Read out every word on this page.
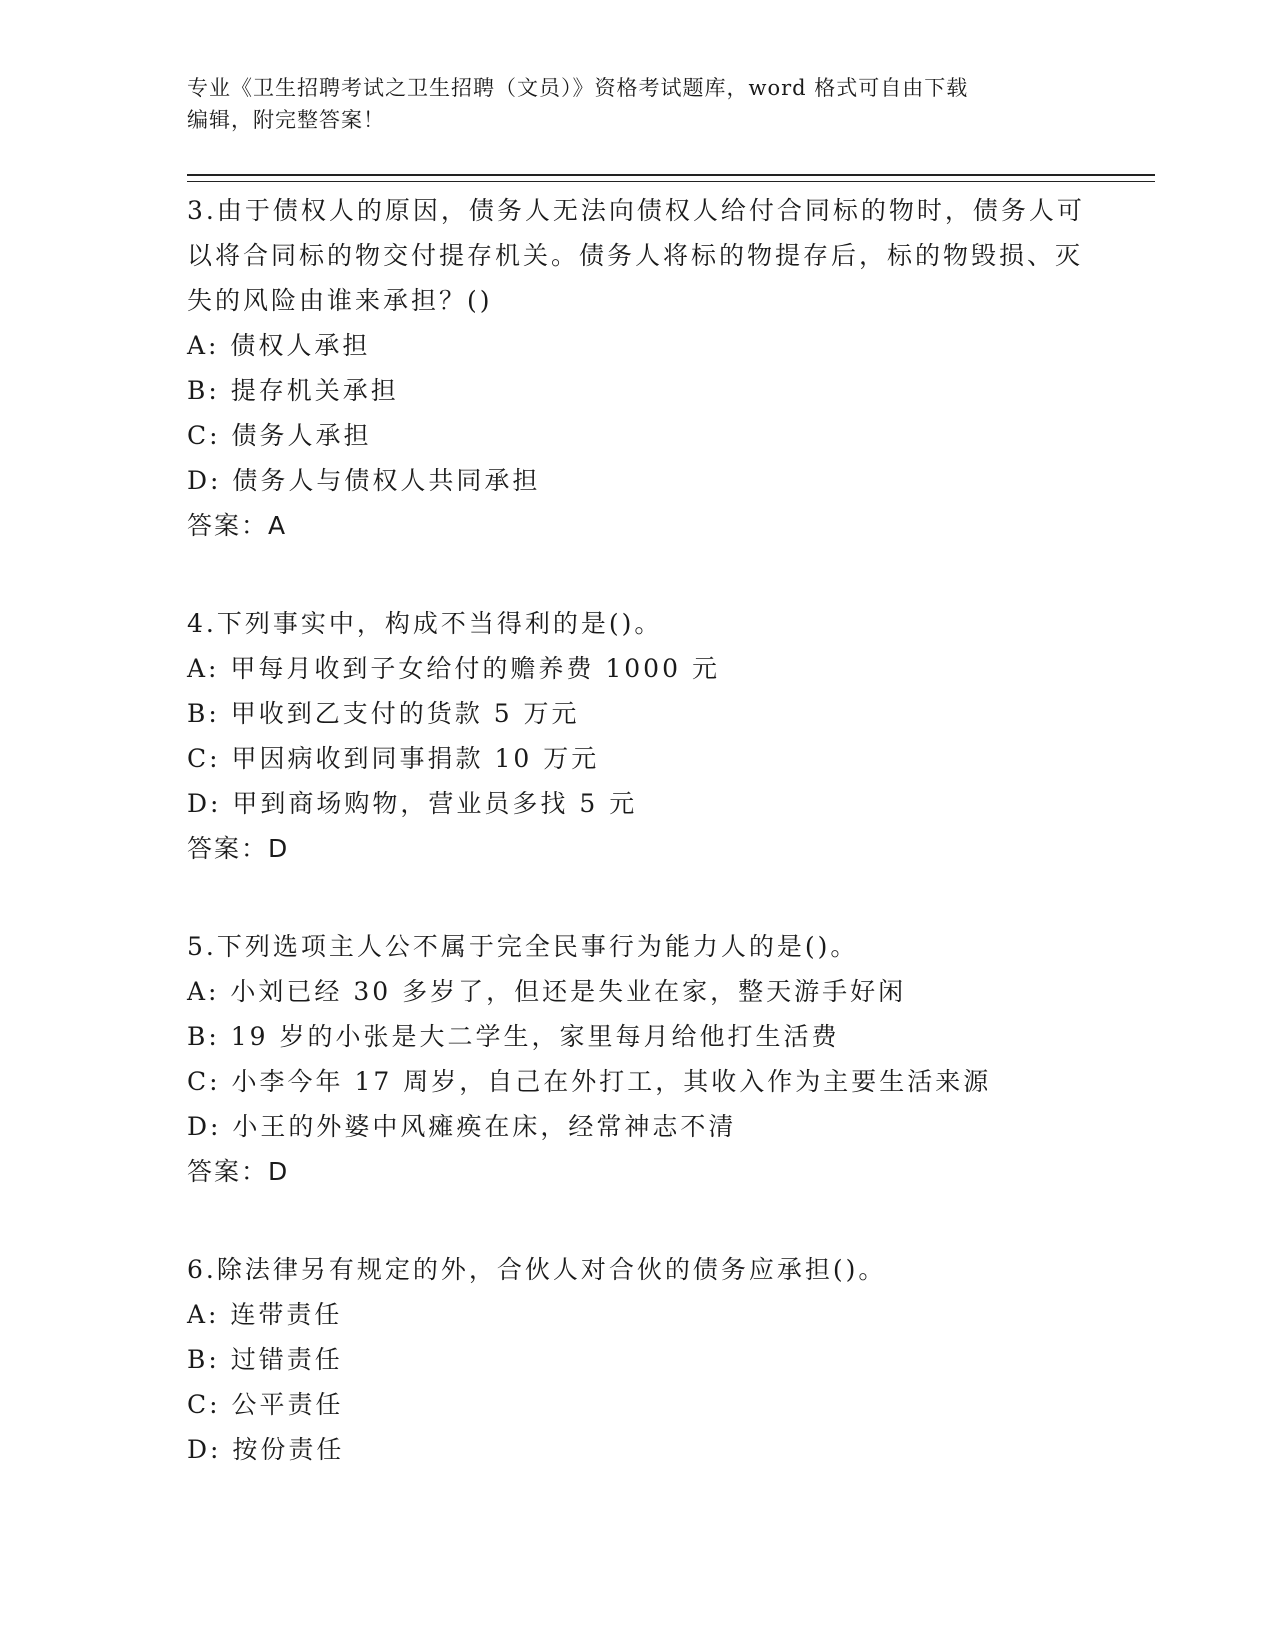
专业《卫生招聘考试之卫生招聘（文员）》资格考试题库，word 格式可自由下载
编辑，附完整答案！

3.由于债权人的原因，债务人无法向债权人给付合同标的物时，债务人可以将合同标的物交付提存机关。债务人将标的物提存后，标的物毁损、灭失的风险由谁来承担？()

A: 债权人承担

B: 提存机关承担

C: 债务人承担

D: 债务人与债权人共同承担

答案：A

4.下列事实中，构成不当得利的是()。

A: 甲每月收到子女给付的赡养费 1000 元

B: 甲收到乙支付的货款 5 万元

C: 甲因病收到同事捐款 10 万元

D: 甲到商场购物，营业员多找 5 元

答案：D

5.下列选项主人公不属于完全民事行为能力人的是()。

A: 小刘已经 30 多岁了，但还是失业在家，整天游手好闲

B: 19 岁的小张是大二学生，家里每月给他打生活费

C: 小李今年 17 周岁，自己在外打工，其收入作为主要生活来源

D: 小王的外婆中风瘫痪在床，经常神志不清

答案：D

6.除法律另有规定的外，合伙人对合伙的债务应承担()。

A: 连带责任

B: 过错责任

C: 公平责任

D: 按份责任
